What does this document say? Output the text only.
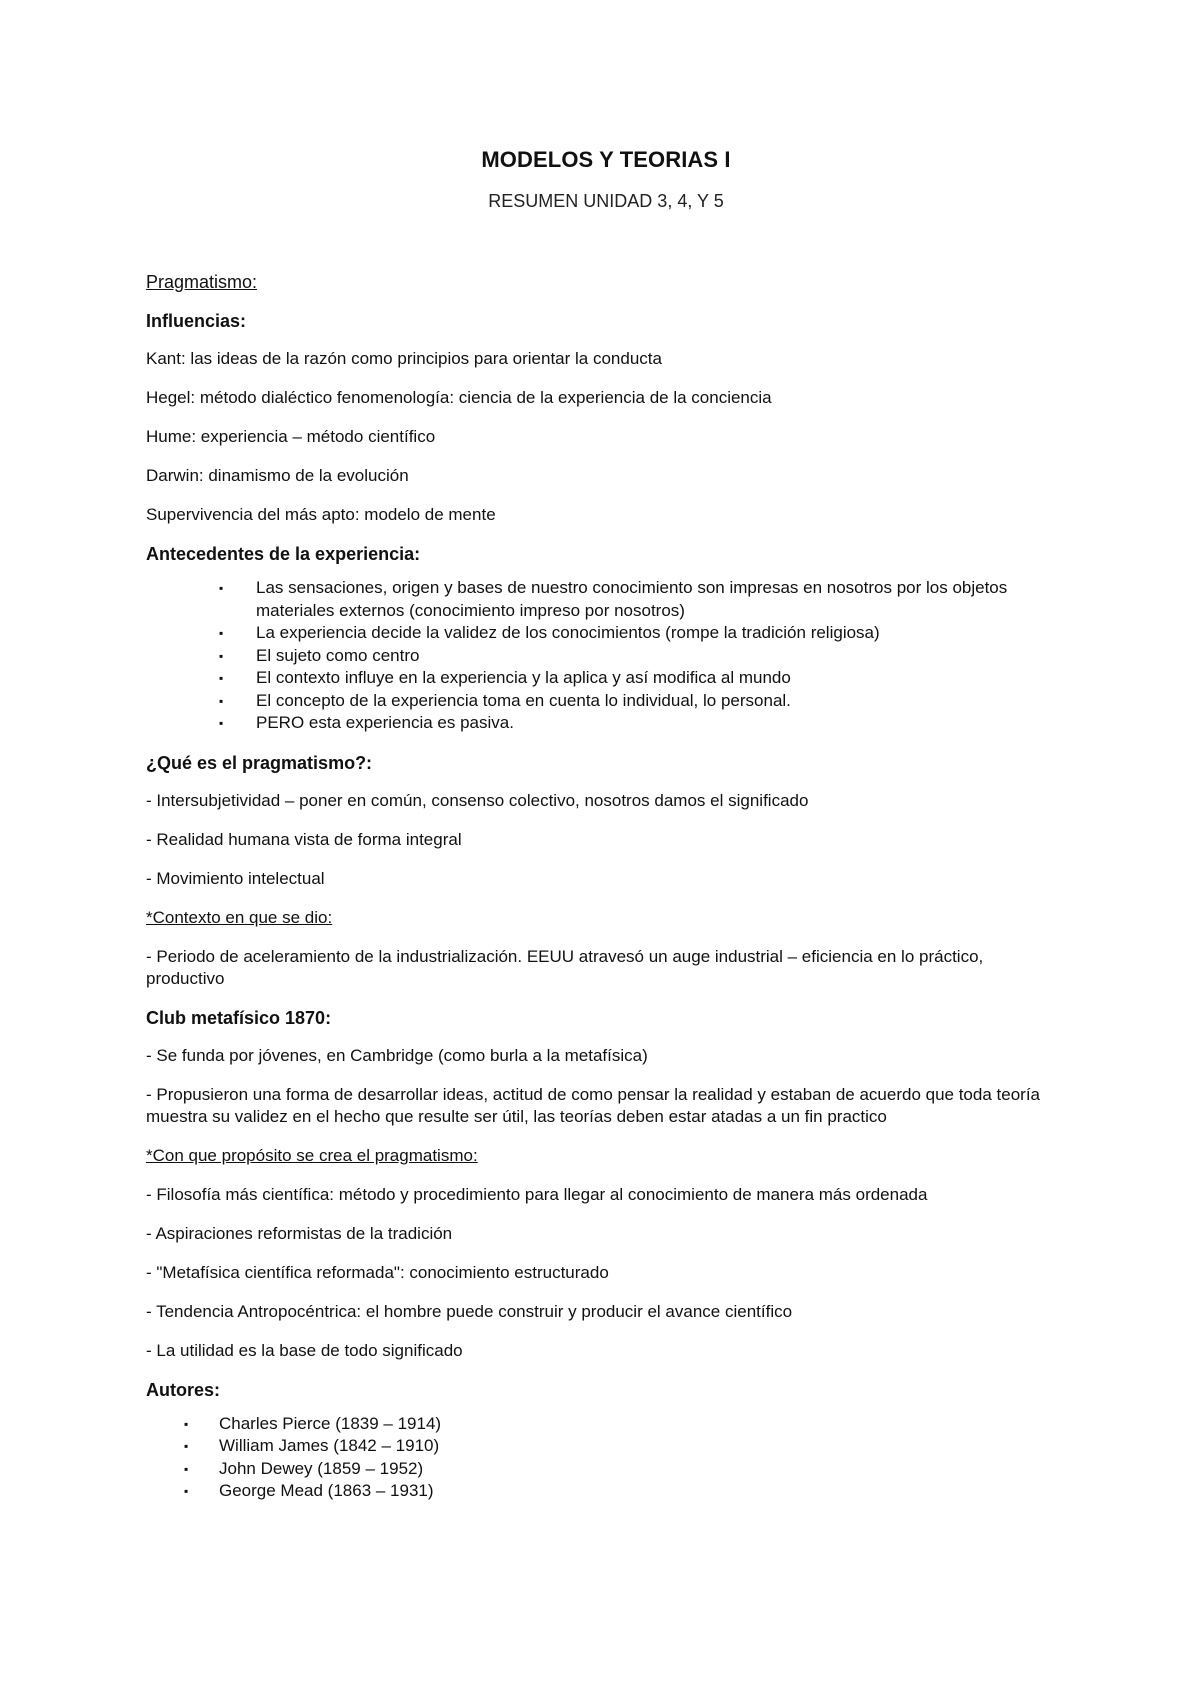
MODELOS Y TEORIAS I
RESUMEN UNIDAD 3, 4, Y 5
Pragmatismo:
Influencias:

Kant: las ideas de la razón como principios para orientar la conducta

Hegel: método dialéctico fenomenología: ciencia de la experiencia de la conciencia

Hume: experiencia – método científico

Darwin: dinamismo de la evolución

Supervivencia del más apto: modelo de mente

Antecedentes de la experiencia:
▪ Las sensaciones, origen y bases de nuestro conocimiento son impresas en nosotros por los objetos materiales externos (conocimiento impreso por nosotros)
▪ La experiencia decide la validez de los conocimientos (rompe la tradición religiosa)
▪ El sujeto como centro
▪ El contexto influye en la experiencia y la aplica y así modifica al mundo
▪ El concepto de la experiencia toma en cuenta lo individual, lo personal.
▪ PERO esta experiencia es pasiva.
¿Qué es el pragmatismo?:

- Intersubjetividad – poner en común, consenso colectivo, nosotros damos el significado

- Realidad humana vista de forma integral

- Movimiento intelectual

*Contexto en que se dio:

- Periodo de aceleramiento de la industrialización. EEUU atravesó un auge industrial – eficiencia en lo práctico, productivo

Club metafísico 1870:

- Se funda por jóvenes, en Cambridge (como burla a la metafísica)

- Propusieron una forma de desarrollar ideas, actitud de como pensar la realidad y estaban de acuerdo que toda teoría muestra su validez en el hecho que resulte ser útil, las teorías deben estar atadas a un fin practico

*Con que propósito se crea el pragmatismo:

- Filosofía más científica: método y procedimiento para llegar al conocimiento de manera más ordenada

- Aspiraciones reformistas de la tradición

- "Metafísica científica reformada": conocimiento estructurado

- Tendencia Antropocéntrica: el hombre puede construir y producir el avance científico

- La utilidad es la base de todo significado

Autores:
▪ Charles Pierce (1839 – 1914)
▪ William James (1842 – 1910)
▪ John Dewey (1859 – 1952)
▪ George Mead (1863 – 1931)
